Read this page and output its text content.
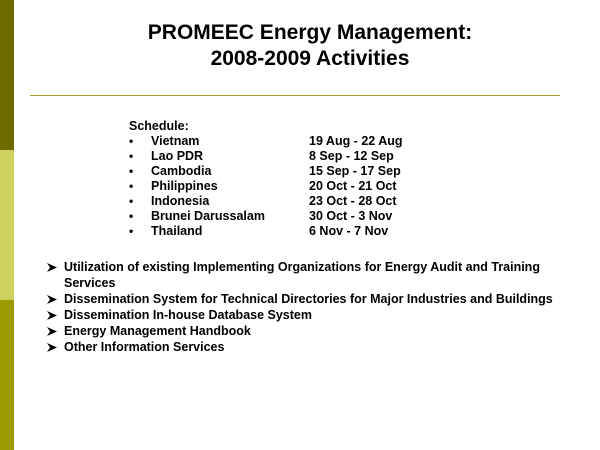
PROMEEC Energy Management:
2008-2009 Activities
Schedule:
•	Vietnam	19 Aug - 22 Aug
•	Lao PDR	8 Sep - 12 Sep
•	Cambodia	15 Sep - 17 Sep
•	Philippines	20 Oct - 21 Oct
•	Indonesia	23 Oct - 28 Oct
•	Brunei Darussalam	30 Oct - 3 Nov
•	Thailand	6 Nov - 7 Nov
Utilization of existing Implementing Organizations for Energy Audit and Training Services
Dissemination System for Technical Directories for Major Industries and Buildings
Dissemination In-house Database System
Energy Management Handbook
Other Information Services
